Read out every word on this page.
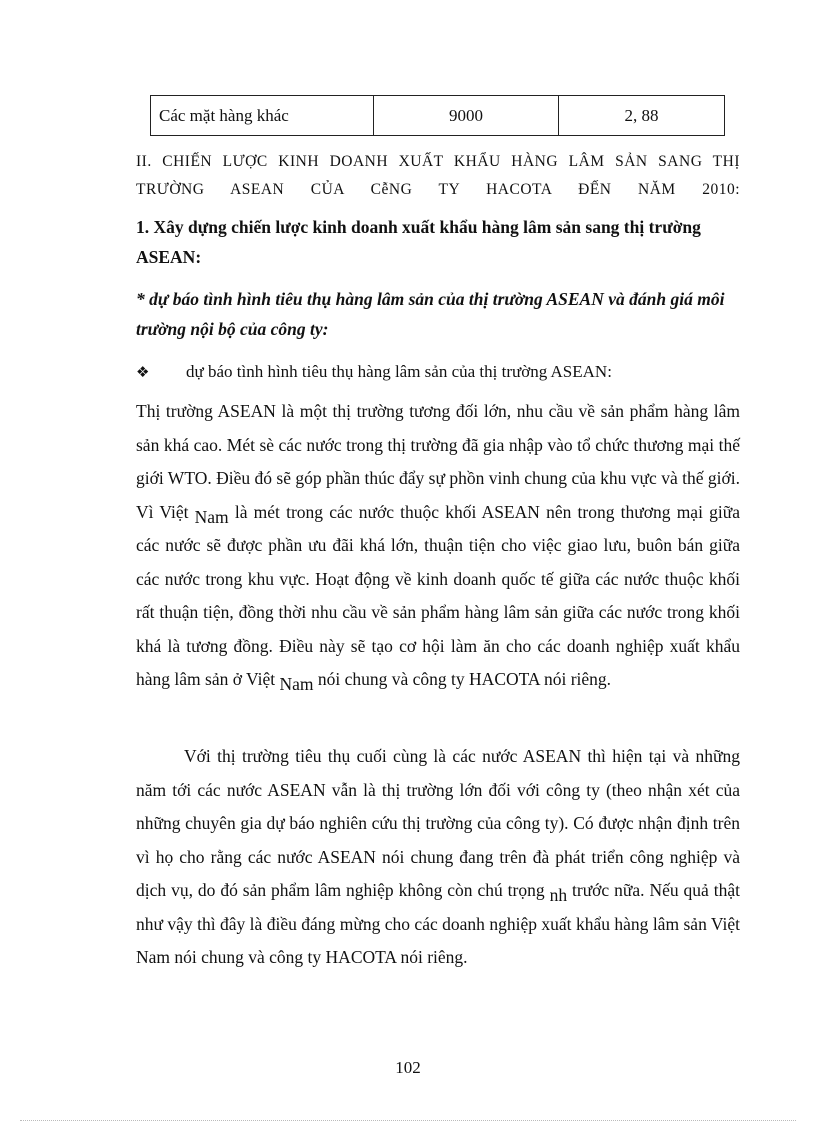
Các mặt hàng khác	9000	2, 88
II. CHIẾN LƯỢC KINH DOANH XUẤT KHẨU HÀNG LÂM SẢN SANG THỊ
TRƯỜNG ASEAN CỦA CễNG TY HACOTA ĐẾN NĂM 2010:

1. Xây dựng chiến lược kinh doanh xuất khẩu hàng lâm sản sang thị trường ASEAN:

* dự báo tình hình tiêu thụ hàng lâm sản của thị trường ASEAN và đánh giá môi trường nội bộ của công ty:

❖ dự báo tình hình tiêu thụ hàng lâm sản của thị trường ASEAN:

Thị trường ASEAN là một thị trường tương đối lớn, nhu cầu về sản phẩm hàng lâm sản khá cao. Mét sè các nước trong thị trường đã gia nhập vào tổ chức thương mại thế giới WTO. Điều đó sẽ góp phần thúc đẩy sự phồn vinh chung của khu vực và thế giới. Vì Việt Nam là mét trong các nước thuộc khối ASEAN nên trong thương mại giữa các nước sẽ được phần ưu đãi khá lớn, thuận tiện cho việc giao lưu, buôn bán giữa các nước trong khu vực. Hoạt động về kinh doanh quốc tế giữa các nước thuộc khối rất thuận tiện, đồng thời nhu cầu về sản phẩm hàng lâm sản giữa các nước trong khối khá là tương đồng. Điều này sẽ tạo cơ hội làm ăn cho các doanh nghiệp xuất khẩu hàng lâm sản ở Việt Nam nói chung và công ty HACOTA nói riêng.

Với thị trường tiêu thụ cuối cùng là các nước ASEAN thì hiện tại và những năm tới các nước ASEAN vẫn là thị trường lớn đối với công ty (theo nhận xét của những chuyên gia dự báo nghiên cứu thị trường của công ty). Có được nhận định trên vì họ cho rằng các nước ASEAN nói chung đang trên đà phát triển công nghiệp và dịch vụ, do đó sản phẩm lâm nghiệp không còn chú trọng nh trước nữa. Nếu quả thật như vậy thì đây là điều đáng mừng cho các doanh nghiệp xuất khẩu hàng lâm sản Việt Nam nói chung và công ty HACOTA nói riêng.

102
